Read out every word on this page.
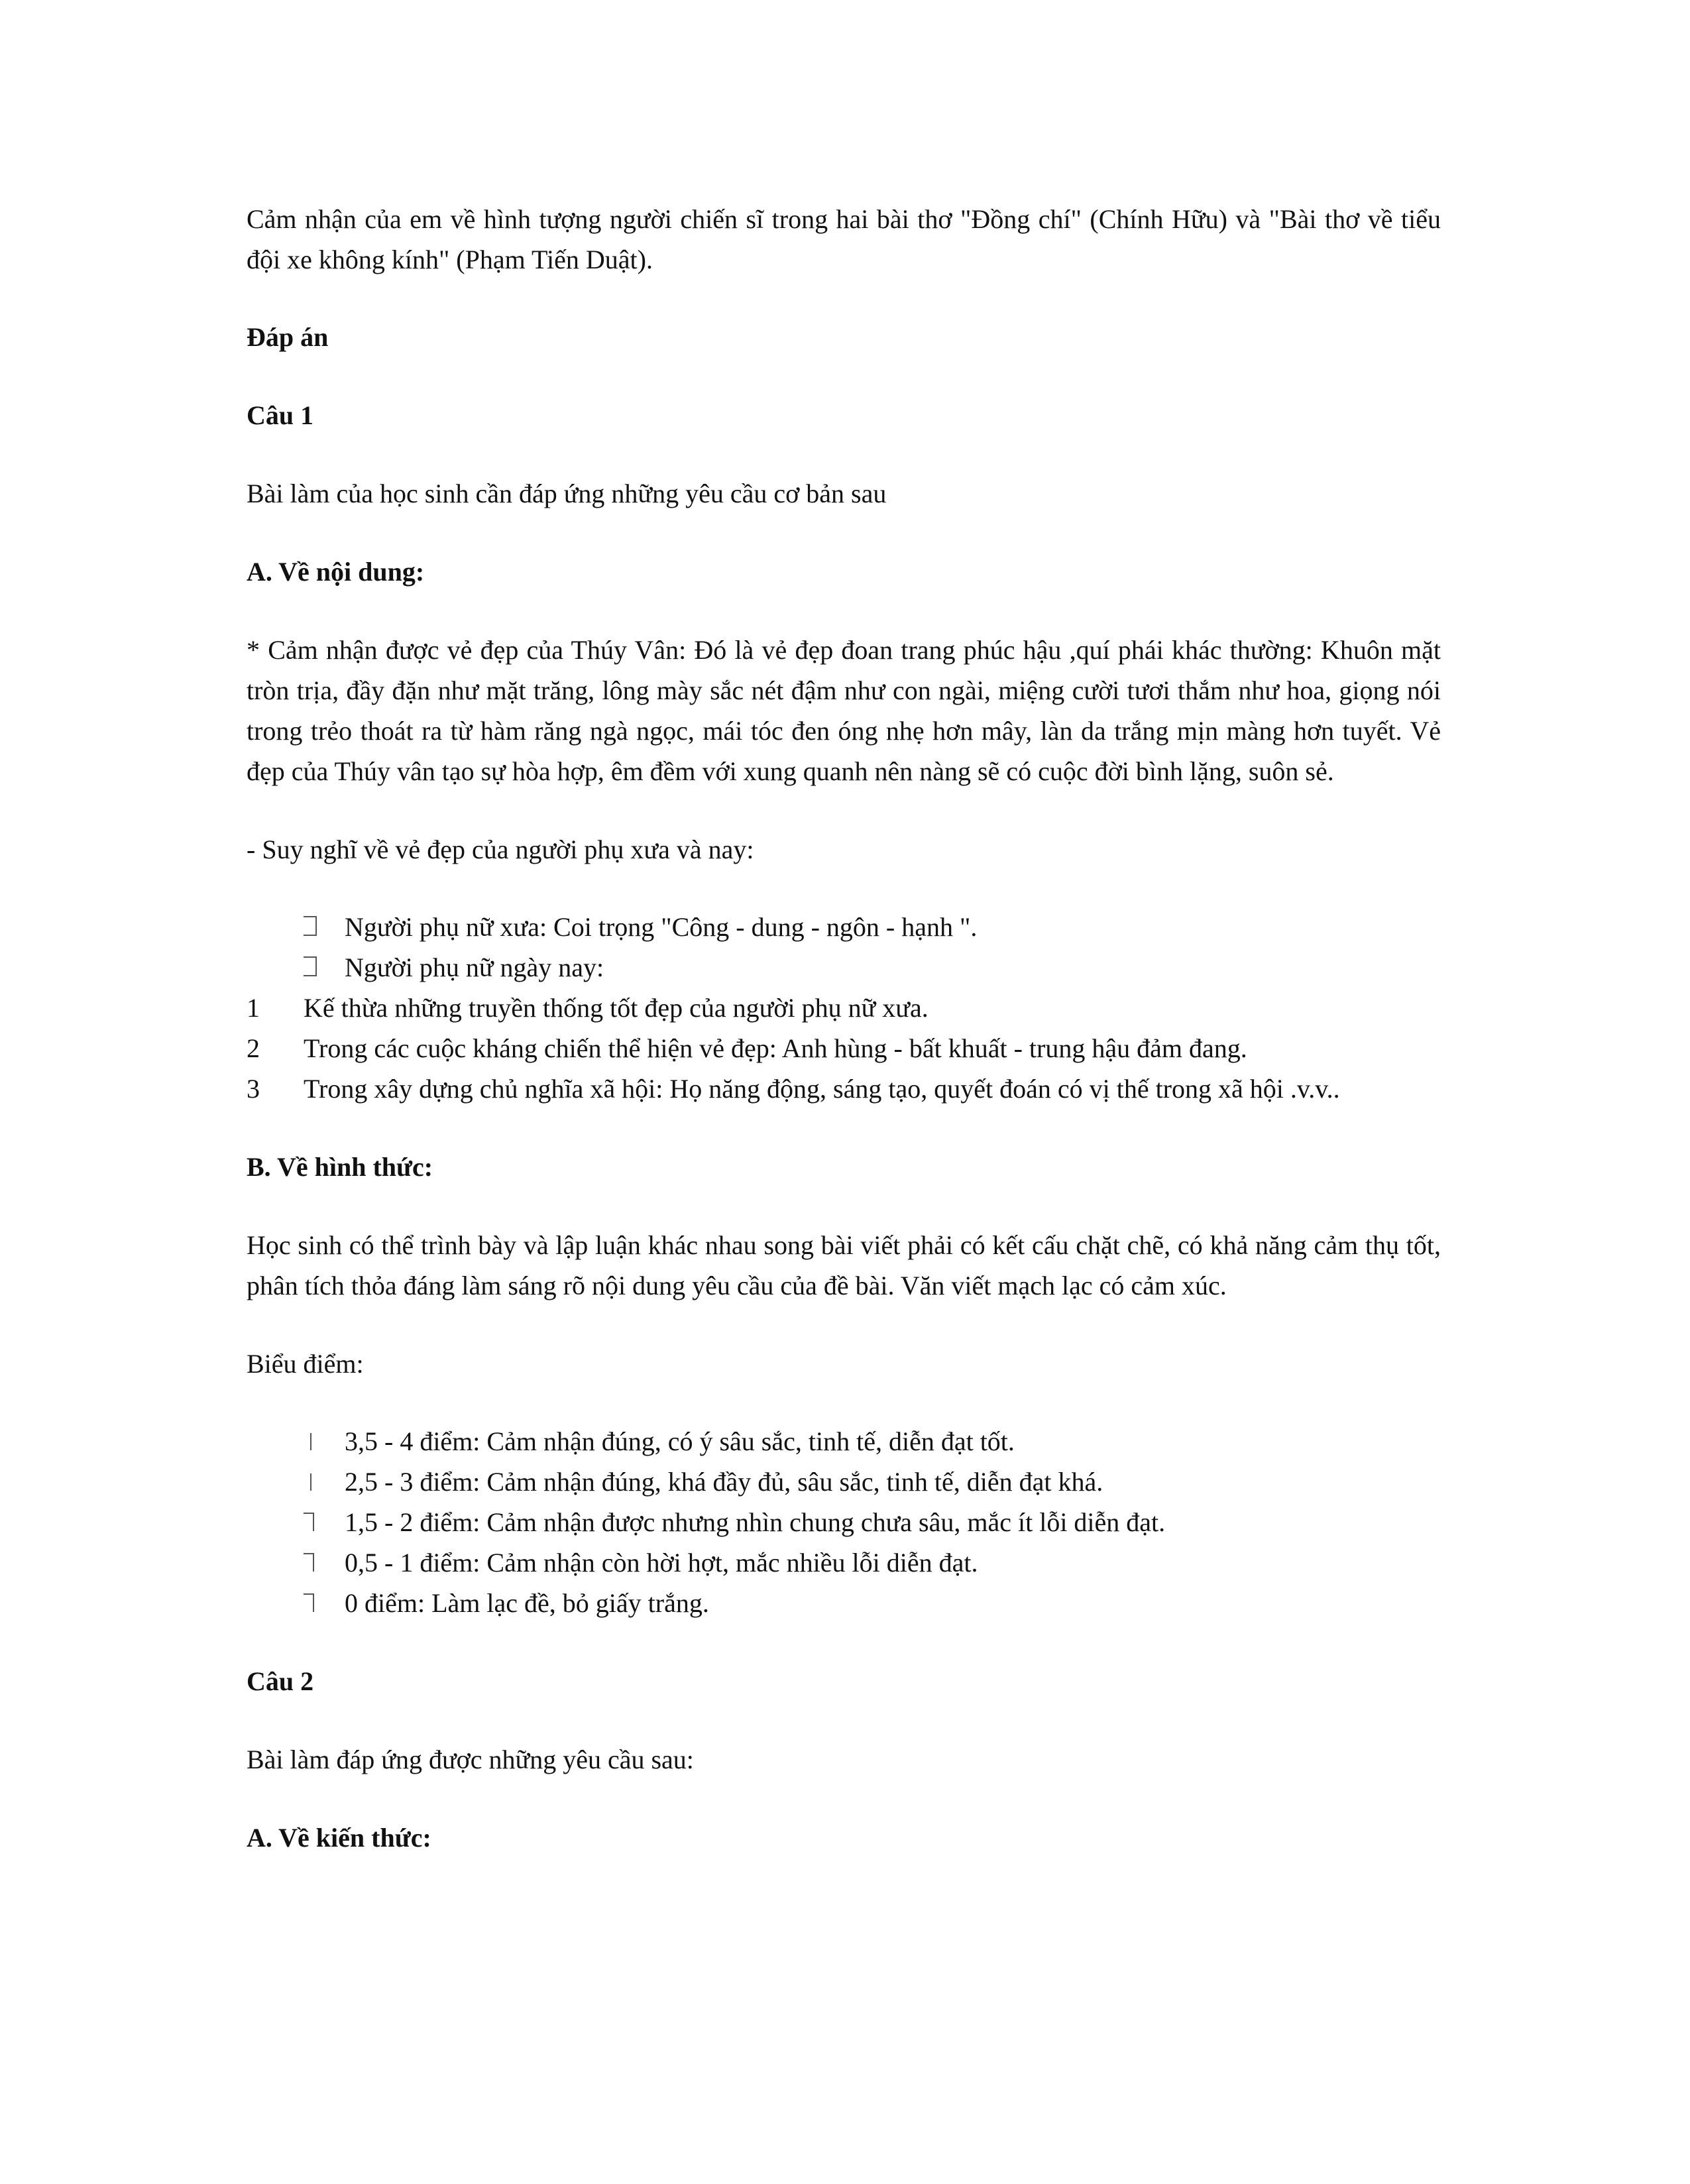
Cảm nhận của em về hình tượng người chiến sĩ trong hai bài thơ "Đồng chí" (Chính Hữu) và "Bài thơ về tiểu đội xe không kính" (Phạm Tiến Duật).

Đáp án

Câu 1

Bài làm của học sinh cần đáp ứng những yêu cầu cơ bản sau

A. Về nội dung:

* Cảm nhận được vẻ đẹp của Thúy Vân: Đó là vẻ đẹp đoan trang phúc hậu ,quí phái khác thường: Khuôn mặt tròn trịa, đầy đặn như mặt trăng, lông mày sắc nét đậm như con ngài, miệng cười tươi thắm như hoa, giọng nói trong trẻo thoát ra từ hàm răng ngà ngọc, mái tóc đen óng nhẹ hơn mây, làn da trắng mịn màng hơn tuyết. Vẻ đẹp của Thúy vân tạo sự hòa hợp, êm đềm với xung quanh nên nàng sẽ có cuộc đời bình lặng, suôn sẻ.

- Suy nghĩ về vẻ đẹp của người phụ xưa và nay:

Người phụ nữ xưa: Coi trọng "Công - dung - ngôn - hạnh ".
Người phụ nữ ngày nay:
1 Kế thừa những truyền thống tốt đẹp của người phụ nữ xưa.
2 Trong các cuộc kháng chiến thể hiện vẻ đẹp: Anh hùng - bất khuất - trung hậu đảm đang.
3 Trong xây dựng chủ nghĩa xã hội: Họ năng động, sáng tạo, quyết đoán có vị thế trong xã hội .v.v..

B. Về hình thức:

Học sinh có thể trình bày và lập luận khác nhau song bài viết phải có kết cấu chặt chẽ, có khả năng cảm thụ tốt, phân tích thỏa đáng làm sáng rõ nội dung yêu cầu của đề bài. Văn viết mạch lạc có cảm xúc.

Biểu điểm:

3,5 - 4 điểm: Cảm nhận đúng, có ý sâu sắc, tinh tế, diễn đạt tốt.
2,5 - 3 điểm: Cảm nhận đúng, khá đầy đủ, sâu sắc, tinh tế, diễn đạt khá.
1,5 - 2 điểm: Cảm nhận được nhưng nhìn chung chưa sâu, mắc ít lỗi diễn đạt.
0,5 - 1 điểm: Cảm nhận còn hời hợt, mắc nhiều lỗi diễn đạt.
0 điểm: Làm lạc đề, bỏ giấy trắng.

Câu 2

Bài làm đáp ứng được những yêu cầu sau:

A. Về kiến thức:
